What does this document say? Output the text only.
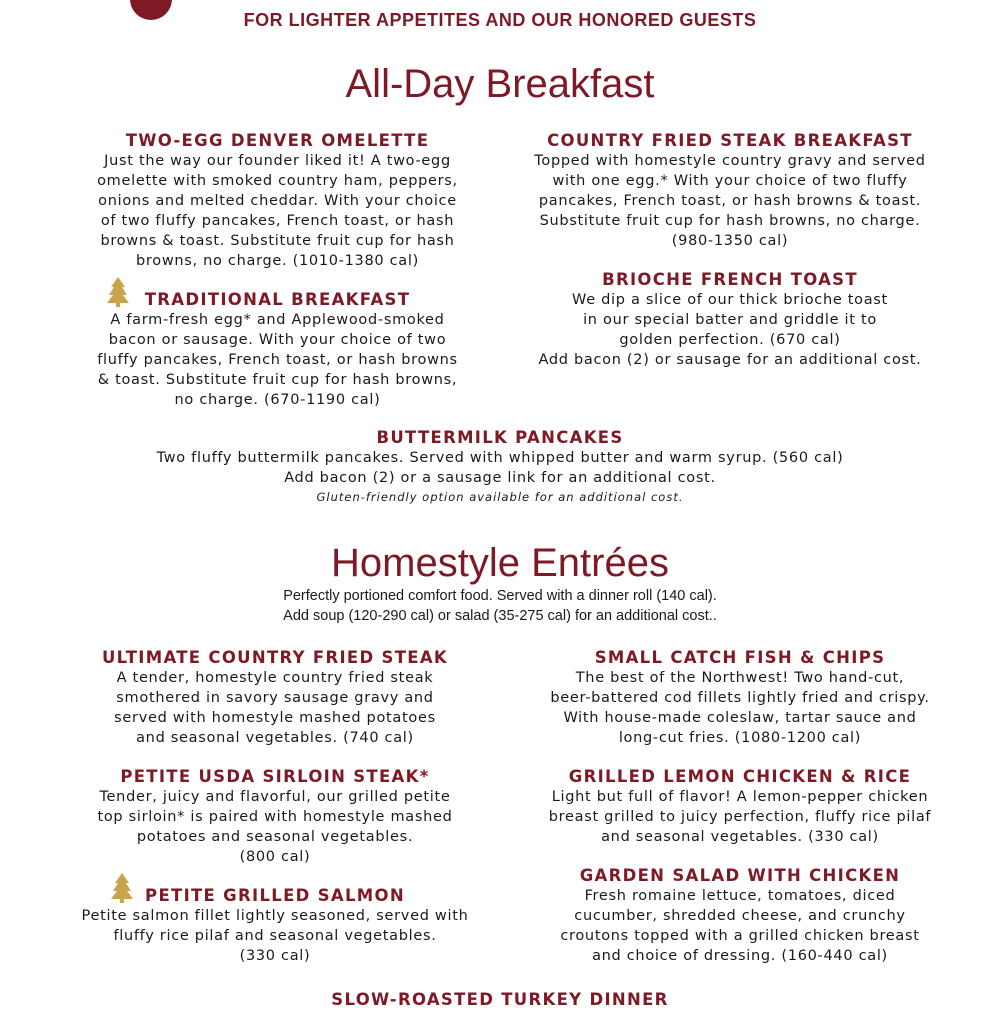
FOR LIGHTER APPETITES AND OUR HONORED GUESTS
All-Day Breakfast
TWO-EGG DENVER OMELETTE

Just the way our founder liked it! A two-egg

omelette with smoked country ham, peppers,

onions and melted cheddar. With your choice

of two fluffy pancakes, French toast, or hash

browns & toast. Substitute fruit cup for hash

browns, no charge. (1010-1380 cal)

TRADITIONAL BREAKFAST

A farm-fresh egg* and Applewood-smoked

bacon or sausage. With your choice of two

fluffy pancakes, French toast, or hash browns

& toast. Substitute fruit cup for hash browns,

no charge. (670-1190 cal)

COUNTRY FRIED STEAK BREAKFAST

Topped with homestyle country gravy and served

with one egg.* With your choice of two fluffy

pancakes, French toast, or hash browns & toast.

Substitute fruit cup for hash browns, no charge.

(980-1350 cal)

BRIOCHE FRENCH TOAST

We dip a slice of our thick brioche toast

in our special batter and griddle it to

golden perfection. (670 cal)

Add bacon (2) or sausage for an additional cost.

BUTTERMILK PANCAKES

Two fluffy buttermilk pancakes. Served with whipped butter and warm syrup. (560 cal)

Add bacon (2) or a sausage link for an additional cost.

Gluten-friendly option available for an additional cost.

Homestyle Entrées
Perfectly portioned comfort food. Served with a dinner roll (140 cal).
Add soup (120-290 cal) or salad (35-275 cal) for an additional cost..
ULTIMATE COUNTRY FRIED STEAK

A tender, homestyle country fried steak

smothered in savory sausage gravy and

served with homestyle mashed potatoes

and seasonal vegetables. (740 cal)

PETITE USDA SIRLOIN STEAK*

Tender, juicy and flavorful, our grilled petite

top sirloin* is paired with homestyle mashed

potatoes and seasonal vegetables.

(800 cal)

PETITE GRILLED SALMON

Petite salmon fillet lightly seasoned, served with

fluffy rice pilaf and seasonal vegetables.

(330 cal)

SMALL CATCH FISH & CHIPS

The best of the Northwest! Two hand-cut,

beer-battered cod fillets lightly fried and crispy.

With house-made coleslaw, tartar sauce and

long-cut fries. (1080-1200 cal)

GRILLED LEMON CHICKEN & RICE

Light but full of flavor! A lemon-pepper chicken

breast grilled to juicy perfection, fluffy rice pilaf

and seasonal vegetables. (330 cal)

GARDEN SALAD WITH CHICKEN

Fresh romaine lettuce, tomatoes, diced

cucumber, shredded cheese, and crunchy

croutons topped with a grilled chicken breast

and choice of dressing. (160-440 cal)

SLOW-ROASTED TURKEY DINNER
